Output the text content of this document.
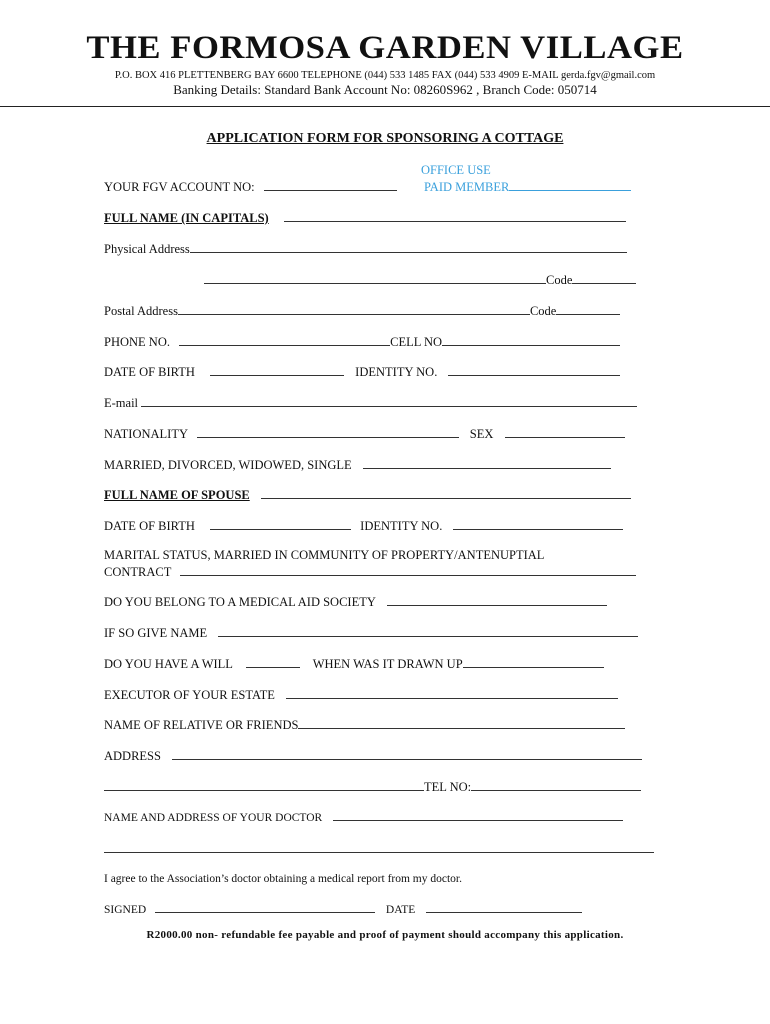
THE FORMOSA GARDEN VILLAGE
P.O. BOX 416 PLETTENBERG BAY 6600 TELEPHONE (044) 533 1485 FAX (044) 533 4909 E-MAIL gerda.fgv@gmail.com
Banking Details: Standard Bank Account No: 08260S962 , Branch Code: 050714
APPLICATION FORM FOR SPONSORING A COTTAGE
OFFICE USE
PAID MEMBER
YOUR FGV ACCOUNT NO:
FULL NAME (IN CAPITALS)
Physical Address
Code
Postal Address	Code
PHONE NO.	CELL NO
DATE OF BIRTH	IDENTITY NO.
E-mail
NATIONALITY	SEX
MARRIED, DIVORCED, WIDOWED, SINGLE
FULL NAME OF SPOUSE
DATE OF BIRTH	IDENTITY NO.
MARITAL STATUS, MARRIED IN COMMUNITY OF PROPERTY/ANTENUPTIAL
CONTRACT
DO YOU BELONG TO A MEDICAL AID SOCIETY
IF SO GIVE NAME
DO YOU HAVE A WILL	WHEN WAS IT DRAWN UP
EXECUTOR OF YOUR ESTATE
NAME OF RELATIVE OR FRIENDS
ADDRESS
TEL NO:
NAME AND ADDRESS OF YOUR DOCTOR
I agree to the Association’s doctor obtaining a medical report from my doctor.
SIGNED	DATE
R2000.00 non- refundable fee payable and proof of payment should accompany this application.
